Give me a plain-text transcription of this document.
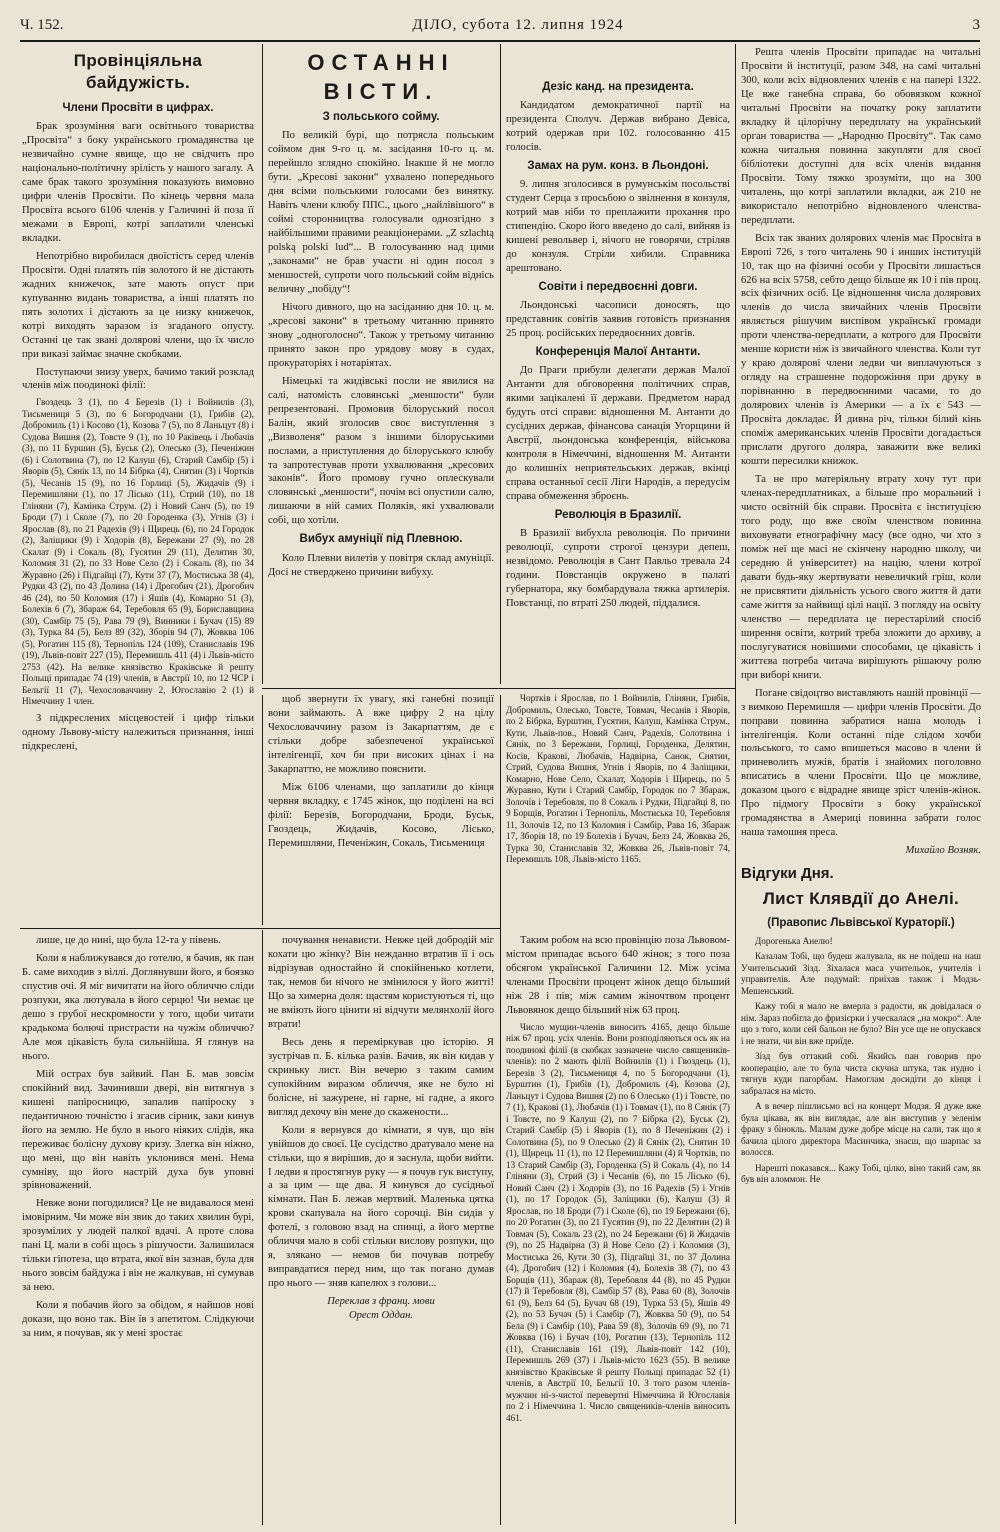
Ч. 152.	ДІЛО, субота 12. липня 1924	3
Провінціяльна байдужість.
Члени Просвіти в цифрах.

Брак зрозуміння ваги освітнього товариства „Просвіта“ з боку українського громадянства це незвичайно сумне явище, що не свідчить про національно-політичну зрілість у нашого загалу. А саме брак такого зрозуміння показують вимовно цифри членів Просвіти. По кінець червня мала Просвіта всього 6106 членів у Галичині й поза її межами в Европі, котрі заплатили членські вкладки.

Непотрібно виробилася двоїстість серед членів Просвіти. Одні платять пів золотого й не дістають жадних книжечок, зате мають опуст при купуванню видань товариства, а інші платять по пять золотих і дістають за це низку книжечок, котрі виходять заразом із згаданого опусту. Останні це так звані долярові члени, що їх число при виказі займає значне скобками.

Поступаючи знизу уверх, бачимо такий розклад членів між поодинокі філії:

Гвоздець 3 (1), по 4 Березів (1) і Войнилів (3), Тисьмениця 5 (3), по 6 Богородчани (1), Грибів (2), Добромиль (1) і Косово (1), Козова 7 (5), по 8 Ланьцут (8) і Судова Вишня (2), Товсте 9 (1), по 10 Раківець і Любачів (3), по 11 Буршин (5), Буськ (2), Олесько (3), Печеніжин (6) і Солотвина (7), по 12 Калуш (6), Старий Самбір (5) і Яворів (5), Сянік 13, по 14 Бібрка (4), Снятин (3) і Чортків (5), Чесанів 15 (9), по 16 Горлиці (5), Жидачів (9) і Перемишляни (1), по 17 Лісько (11), Стрий (10), по 18 Гліняни (7), Камінка Струм. (2) і Новий Санч (5), по 19 Броди (7) і Сколе (7), по 20 Городенка (3), Угнів (3) і Ярослав (8), по 21 Радехів (9) і Щирець (6), по 24 Городок (2), Заліщики (9) і Ходорів (8), Бережани 27 (9), по 28 Скалат (9) і Сокаль (8), Гусятин 29 (11), Делятин 30, Коломия 31 (2), по 33 Нове Село (2) і Сокаль (8), по 34 Журавно (26) і Підгайці (7), Кути 37 (7), Мостиська 38 (4), Рудки 43 (2), по 43 Долина (14) і Дрогобич (21), Дрогобич 46 (24), по 50 Коломия (17) і Яшів (4), Комарно 51 (3), Болехів 6 (7), Збараж 64, Теребовля 65 (9), Бориславщина (30), Самбір 75 (5), Рава 79 (9), Винники і Бучач (15) 89 (3), Турка 84 (5), Белз 89 (32), Зборів 94 (7), Жовква 106 (5), Рогатин 115 (8), Тернопіль 124 (109), Станиславів 196 (19), Львів-повіт 227 (15), Перемишль 411 (4) і Львів-місто 2753 (42). На велике князівство Краківське й решту Польщі припадає 74 (19) членів, в Австрії 10, по 12 ЧСР і Бельгії 11 (7), Чехословаччину 2, Югославію 2 (1) й Німеччину 1 член.

З підкреслених місцевостей і цифр тільки одному Львову-місту належиться признання, інші підкреслені,

ОСТАННІ ВІСТИ.
З польського сойму.

По великій бурі, що потрясла польським соймом дня 9-го ц. м. засідання 10-го ц. м. перейшло зглядно спокійно. Інакше й не могло бути. „Кресові закони“ ухвалено попереднього дня всіми польськими голосами без винятку. Навіть члени клюбу ППС., цього „найлівішого“ в соймі сторонництва голосували однозгідно з найбільшими правими реакціонерами. „Z szlachtą polską polski lud“... В голосуванню над цими „законами“ не брав участи ні один посол з меншостей, супроти чого польський сойм віднісь величну „побіду“!

Нічого дивного, що на засіданню дня 10. ц. м. „кресові закони“ в третьому читанню принято знову „одноголосно“. Також у третьому читанню принято закон про урядову мову в судах, прокураторіях і нотаріятах.

Німецькі та жидівські посли не явилися на салі, натомість словянські „меншости“ були репрезентовані. Промовив білоруський посол Балін, який зголосив своє виступлення з „Визволеня“ разом з іншими білоруськими послами, а приступлення до білоруського клюбу та запротестував проти ухвалювання „кресових законів“. Його промову гучно оплескували словянські „меншости“, почім всі опустили салю, лишаючи в ній самих Поляків, які ухвалювали собі, що хотіли.

Вибух амуніції під Плевною.

Коло Плевни вилетів у повітря склад амуніції. Досі не стверджено причини вибуху.

Дезіс канд. на президента.

Кандидатом демократичної партії на президента Сполуч. Держав вибрано Девіса, котрий одержав при 102. голосованню 415 голосів.

Замах на рум. конз. в Льондоні.

9. липня зголосився в румунськім посольстві студент Серца з просьбою о звілнення в конзуля, котрий мав ніби то преплажити прохання про стипендію. Скоро його введено до салі, вийняв із кишені револьвер і, нічого не говорячи, стріляв до конзуля. Стріли хибили. Справника арештовано.

Совіти і передвоєнні довги.

Льондонські часописи доносять, що представник совітів заявив готовість признання 25 проц. російських передвоєнних довгів.

Конференція Малої Антанти.

До Праги прибули делегати держав Малої Антанти для обговорення політичних справ, якими зацікалені її держави. Предметом нарад будуть отсі справи: відношення М. Антанти до сусідних держав, фінансова санація Угорщини й Австрії, льондонська конференція, військова контроля в Німеччині, відношення М. Антанти до колишніх неприятельських держав, вкінці справа останньої сесії Ліги Народів, а передусім справа обмеження зброєнь.

Революція в Бразилії.

В Бразилії вибухла революція. По причини революції, супроти строгої цензури депеш, незвідомо. Революція в Сант Павльо тревала 24 години. Повстанців окружено в палаті губернатора, яку бомбардувала тяжка артилерія. Повстанці, по втраті 250 людей, піддалися.

Решта членів Просвіти припадає на читальні Просвіти й інституції, разом 348, на самі читальні 300, коли всіх відновлених членів є на папері 1322. Це вже ганебна справа, бо обовязком кожної читальні Просвіти на початку року заплатити вкладку й цілорічну передплату на український орган товариства — „Народню Просвіту“. Так само кожна читальня повинна закупляти для своєї бібліотеки доступні для всіх членів видання Просвіти. Тому тяжко зрозуміти, що на 300 читалень, що котрі заплатили вкладки, аж 210 не використало непотрібно відновленого членства-передплати.

Всіх так званих долярових членів має Просвіта в Европі 726, з того читалень 90 і инших інституцій 10, так що на фізичні особи у Просвіти лишається 626 на всіх 5758, себто дещо більше як 10 і пів проц. всіх фізичних осіб. Це відношення числа долярових членів до числа звичайних членів Просвіти являється рішучим виспівом українськї громади проти членства-передплати, а котрого для Просвіти менше користи ніж із звичайного членства. Коли тут у краю долярові члени ледви чи виплачуються з огляду на страшенне подорожіння при друку в порівнанню в передвоєнними часами, то до долярових членів із Америки — а їх є 543 — Просвіта докладає. Й дивна річ, тільки білий кінь споміж американських членів Просвіти догадається прислати другого доляра, заважити вже великі кошти пересилки книжок.

Та не про матеріяльну втрату хочу тут при членах-передплатниках, а більше про моральний і чисто освітній бік справи. Просвіта є інституцією того роду, що вже своїм членством повинна виховувати етнографічну масу (все одно, чи хто з поміж неї ще масі не скінчену народню школу, чи середню й університет) на націю, члени котрої давати будь-яку жертвувати невеличкий гріш, коли не присвятити діяльність усього свого життя й дати саме життя за найвищі цілі нації. З погляду на освіту членство — передплата це перестарілий спосіб ширення освіти, котрий треба зложити до архиву, а послугуватися новішими способами, це цікавість і життєва потреба читача вирішують рішаючу ролю при виборі книги.

Погане свідоцтво виставляють нашій провінції — з вимкою Перемишля — цифри членів Просвіти. До поправи повинна забратися наша молодь і інтелігенція. Коли останні піде слідом хочби польського, то само впишеться масово в члени й приневолить мужів, братів і знайомих поголовно вписатись в члени Просвіти. Що це можливе, доказом цього є відрадне явище зріст членів-жінок. Про підмогу Просвіти з боку української громадянства в Америці повинна забрати голос наша тамошня преса.

Михайло Возняк.
Відгуки Дня.
Лист Клявдії до Анелі.
(Правопис Львівської Кураторії.)

Дорогенька Анелю!

Казалам Тобі, що будеш жалувала, як не поїдеш на наш Учительський Зізд. Зіхалася маса учительок, учителів і управителів. Але подумай: приїхав також і Модзь-Мешенський.

Кажу тобі я мало не вмерла з радости, як довідалася о нім. Зараз побігла до фризієрки і уческалася „на мокро“. Але що з того, коли сей бальон не було? Він усе ще не опускався і не знати, чи він вже приїде.

Зізд був оттакий собі. Якийсь пан говорив про кооперацію, але то була чиста скучна штука, так нудно і тягнув куди пагорбам. Намоглам досидіти до кінця і забралася на місто.

А в вечер пішлисьмо всі на концерт Модзя. Я дуже вже була цікава, як він виглядає, але він виступив у зеленім фраку з бінокль. Малам дуже добре місце на сали, так що я бачила цілого директора Масинчика, знаєш, що шарпає за волосся.

Нарешті показався... Кажу Тобі, цілко, віно такий сам, як був він аломмон. Не

щоб звернути їх увагу, які ганебні позиції вони займають. А вже цифру 2 на цілу Чехословаччину разом із Закарпаттям, де є стільки добре забезпеченої української інтелігенції, хоч би при високих цінах і на Закарпаттю, не можливо пояснити.

Між 6106 членами, що заплатили до кінця червня вкладку, є 1745 жінок, що поділені на всі філії: Березів, Богородчани, Броди, Буськ, Гвоздець, Жидачів, Косово, Лісько, Перемишляни, Печеніжин, Сокаль, Тисьмениця

Чортків і Ярослав, по 1 Войнилів, Гліняни, Грибів, Добромиль, Олесько, Товсте, Товмач, Чесанів і Яворів, по 2 Бібрка, Бурштин, Гусятин, Калуш, Камінка Струм., Кути, Львів-пов., Новий Санч, Радехів, Солотвина і Сянік, по 3 Бережани, Горлиці, Городенка, Делятин, Косів, Кракові, Любачів, Надвірна, Санок, Снятин, Стрий, Судова Вишня, Угнів і Яворів, по 4 Заліщики, Комарно, Нове Село, Скалат, Ходорів і Щирець, по 5 Журавно, Кути і Старий Самбір, Городок по 7 Збараж, Золочів і Теребовля, по 8 Сокаль і Рудки, Підгайці 8, по 9 Борщів, Рогатин і Тернопіль, Мостиська 10, Теребовля 11, Золочів 12, по 13 Коломия і Самбір, Рава 16, Збараж 17, Зборів 18, по 19 Болехів і Бучач, Белз 24, Жовква 26, Турка 30, Станиславів 32, Жовква 26, Львів-повіт 74, Перемишль 108, Львів-місто 1165.

лише, це до нині, що була 12-та у півень.

Коли я наближувався до готелю, я бачив, як пан Б. саме виходив з віллі. Доглянувши його, я боязко спустив очі. Я міг вичитати на його обличчю сліди розпуки, яка лютувала в його серцю! Чи немає це дешо з грубої нескромности у того, щоби читати крадькома болючі пристрасти на чужім обличчю? Але моя цікавість була сильнійша. Я глянув на нього.

Мій острах був зайвий. Пан Б. мав зовсім спокійний вид. Зачинивши двері, він витягнув з кишені папіросницю, запалив папіроску з педантичною точністю і згасив сірник, заки кинув його на землю. Не було в нього ніяких слідів, яка переживає болісну духову кризу. Злегка він ніжно, що мені, що він навіть уклонився мені. Нема сумніву, що його настрій духа був уповні зрівноважений.

Невже вони погодилися? Це не видавалося мені імовірним. Чи може він звик до таких хвилин бурі, зрозумілих у людей палкої вдачі. А проте слова пані Ц. мали в собі щось з рішучости. Залишилася тільки гіпотеза, що втрата, якої він зазнав, була для нього зовсім байдужа і він не жалкував, ні сумував за нею.

Коли я побачив його за обідом, я найшов нові докази, що воно так. Він їв з апетитом. Слідкуючи за ним, я почував, як у мені зростає

почування ненависти. Невже цей добродій міг кохати цю жінку? Він нежданно втратив її і ось відрізував одностайно й спокійненько котлети, так, немов би нічого не змінилося у його житті! Що за химерна доля: щастям користуються ті, що не вміють його цінити ні відчути мелянхолії його втрати!

Весь день я переміркував цю історію. Я зустрічав п. Б. кілька разів. Бачив, як він кидав у скриньку лист. Він вечерю з таким самим супокійним виразом обличчя, яке не було ні болісне, ні зажурене, ні гарне, ні гадне, а якого вигляд дехочу він мене до скажености...

Коли я вернувся до кімнати, я чув, що він увійшов до своєї. Це сусідство дратувало мене на стільки, що я вирішив, до я заснула, щоби вийти. І ледви я простягнув руку — я почув гук виступу, а за цим — ще два. Я кинувся до сусідньої кімнати. Пан Б. лежав мертвий. Маленька цятка крови скапувала на його сорочці. Він сидів у фотелі, з головою взад на спинці, а його мертве обличчя мало в собі стільки вислову розпуки, що я, злякано — немов би почував потребу виправдатися перед ним, що так погано думав про нього — зняв капелюх з голови...

Переклав з франц. мови
Орест Оддан.

Таким робом на всю провінцію поза Львовом-містом припадає всього 640 жінок; з того поза обсягом української Галичини 12. Між усіма членами Просвіти процент жінок дещо більший ніж 28 і пів; між самим жіночтвом процент Львовянок дещо більший ніж 63 проц.

Число мущин-членів виносить 4165, дещо більше ніж 67 проц. усіх членів. Вони розподіляються ось як на поодинокі філії (в скобках зазначене число священиків-членів): по 2 мають філії Войнилів (1) і Гвоздець (1), Березів 3 (2), Тисьмениця 4, по 5 Богородчани (1), Бурштин (1), Грибів (1), Добромиль (4), Козова (2), Ланьцут і Судова Вишня (2) по 6 Олесько (1) і Товсте, по 7 (1), Кракові (1), Любачів (1) і Товмач (1), по 8 Сянік (7) і Товсте, по 9 Калуш (2), по 7 Бібрка (2), Буськ (2), Старий Самбір (5) і Яворів (1), по 8 Печеніжин (2) і Солотвина (5), по 9 Олесько (2) й Сянік (2), Снятин 10 (1), Щирець 11 (1), по 12 Перемишляни (4) й Чортків, по 13 Старий Самбір (3), Городенка (5) й Сокаль (4), по 14 Гліняни (3), Стрий (3) і Чесанів (6), по 15 Лісько (6), Новий Санч (2) і Ходорів (3), по 16 Радехів (5) і Угнів (1), по 17 Городок (5), Заліщики (6), Калуш (3) й Ярослав, по 18 Броди (7) і Сколе (6), по 19 Бережани (6), по 20 Рогатин (3), по 21 Гусятин (9), по 22 Делятин (2) й Товмач (5), Сокаль 23 (2), по 24 Бережани (6) й Жидачів (9), по 25 Надвірна (3) й Нове Село (2) і Коломия (3), Мостиська 26, Кути 30 (3), Підгайці 31, по 37 Долина (4), Дрогобич (12) і Коломия (4), Болехів 38 (7), по 43 Борщів (11), Збараж (8), Теребовля 44 (8), по 45 Рудки (17) й Теребовля (8), Самбір 57 (8), Рава 60 (8), Золочів 61 (9), Белз 64 (5), Бучач 68 (19), Турка 53 (5), Яшів 49 (2), по 53 Бучач (5) і Самбір (7), Жовква 50 (9), по 54 Бела (9) і Самбір (10), Рава 59 (8), Золочів 69 (9), по 71 Жовква (16) і Бучач (10), Рогатин (13), Тернопіль 112 (11), Станиславів 161 (19), Львів-повіт 142 (10), Перемишль 269 (37) і Львів-місто 1623 (55). В велике князівство Краківське й решту Польщі припадає 52 (1) членів, в Австрії 10, Бельгії 10. З того разом членів-мужчин ні-з-чистої перевертні Німеччина й Югославія по 2 і Німеччина 1. Число священиків-членів виносить 461.
